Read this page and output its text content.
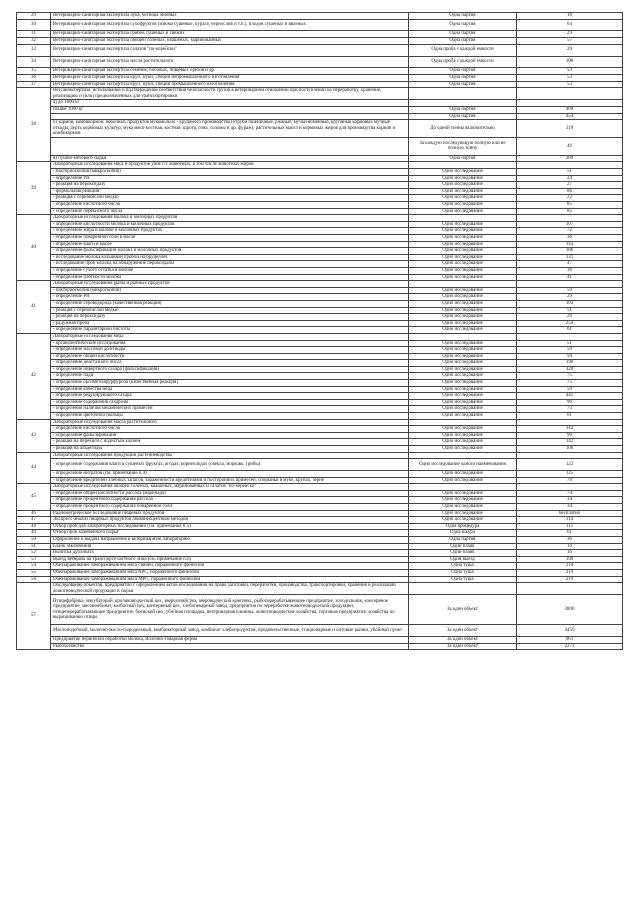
29	Ветеринарно-санитарная экспертиза лука, чеснока зеленых	Одна партия	18
30	Ветеринарно-санитарная экспертиза сухофруктов (изюма сушеные, курага, чернослив и т.п.), плодов сушеных и вяленых	Одна партия	64
31	Ветеринарно-санитарная экспертиза грибов сушеных и свежих	Одна партия	29
32	Ветеринарно-санитарная экспертиза овощей соленых, квашеных, маринованных	Одна партия	57
33	Ветеринарно-санитарная экспертиза салатов "по-корейски"	Одна проба с каждой емкости	20
34	Ветеринарно-санитарная экспертиза масла растительного	Одна проба с каждой емкости	108
35	Ветеринарно-санитарная экспертиза семечек, бобовых, пищевых орехов и др.	Одна партия	53
36	Ветеринарно-санитарная экспертиза круп, муки, специй непромышленного изготовления	Одна партия	53
37	Ветеринарно-санитарная экспертиза круп, муки, специй промышленного изготовления	Одна партия	53
38	Ветсанэкспертиза, истолкование и подтверждение соответствия безопасности грузов в ветеринарном отношении при поступлении на переработку, хранение, реализацию и (или) предназначенных для транспортировки		
	а) до 1000 кг		
	свыше 1000 кг	Одна партия	409
		Одна партия	454
	б) кормов, комбикормов, побочных продуктов мукомольно - крупяного производства (отруби пшеничные, ржаные, мучки ячменные, крупяные кормовые мучные отходы, дерть кормовых культур, мука мясо-костная, костная, шрота, сена, соломы и др. фураж), растительных масел и кормовых жиров для производства кормов и комбикормов	До одной тонны включительно	319
		За каждую последующую полную или не полную тонну	46
	в) пушно-мехового сырья	Одна партия	289
39	Лабораторные исследования мяса и продуктов убоя с/х животных, в том числе животных жиров		
	- бактериоскопия (микроскопия)	Одно исследование	51
	- определение PH	Одно исследование	24
	- реакция на пероксидазу	Одно исследование	27
	- формольная реакция	Одно исследование	86
	- реакция с сернокислой медью	Одно исследование	22
	- определение кислотного числа	Одно исследование	85
	- определение перекисного числа	Одно исследование	85
40	Лабораторные исследования молока и молочных продуктов		
	- определение кислотности молока и молочных продуктов	Одно исследование	107
	- определение жира в молоке и молочных продуктах	Одно исследование	72
	- определение поваренной соли в масле	Одно исследование	36
	- определение влаги в масле	Одно исследование	143
	- определение фальсификации молока и молочных продуктов	Одно исследование	186
	- исследование молока кольцевой пробой на бруцеллез	Одно исследование	131
	- исследование проб молока на обнаружение пероксидазы	Одно исследование	47
	- определение сухого остатка в молоке	Одно исследование	36
	- определение плотности молока	Одно исследование	41
41	Лабораторные исследования рыбы и рыбных продуктов		
	- бактериоскопия (микроскопия)	Одно исследование	59
	- определение PH	Одно исследование	29
	- определение сероводорода (качественная реакция)	Одно исследование	103
	- реакция с сернокислой медью	Одно исследование	51
	- реакция на пероксидазу	Одно исследование	29
	- радужная проба	Одно исследование	254
	- определение паразитарной чистоты	Одно исследование	61
42	Лабораторные исследования меда		
	- органолептические исследования	Одно исследование	51
	- определение массовой доли воды	Одно исследование	59
	- определение общей кислотности	Одно исследование	94
	- определение диастазного числа	Одно исследование	198
	- определение инвертного сахара (фальсификация)	Одно исследование	320
	- определение пади	Одно исследование	75
	- определение оксиметилфурфурола (качественная реакция)	Одно исследование	75
	- определение качества меда	Одно исследование	59
	- определение редуцирующего сахара	Одно исследование	441
	- определение содержания сахарозы	Одно исследование	96
	- определение наличия механических примесей	Одно исследование	73
	- определение цветочной пыльцы	Одно исследование	61
43	Лабораторные исследования масла растительного		
	- определение кислотного числа	Одно исследование	142
	- определение фальсификации	Одно исследование	99
	- реакция на перекиси с йодистым калием	Одно исследование	142
	- реакция на альдегиды	Одно исследование	106
44	Лабораторные исследования продукции растениеводства		
	- определение содержания влаги в сушеных фруктах, ягодах, корнеплодах (свекла, морковь, грибы)	Одно исследование одного наименования	122
	- определение нитратов (см. примечание п.4)	Одно исследование	125
	- определение вредителей хлебных запасов, зараженности вредителями и посторонних примесей, спорыньи в муке, крупах, зерне	Одно исследование	78
45	Лабораторные исследования овощей соленых, квашеных, маринованных и салатов "по-корейски"		
	- определение общей кислотности рассола (маринада)	Одно исследование	74
	- определение процентного содержания рассола	Одно исследование	34
	- определение процентного содержания поваренной соли	Одно исследование	34
46	Радиометрическое исследование пищевых продуктов	Одно исследование	бесплатно
47	Экспресс-анализ пищевых продуктов люминесцентным методом	Одно исследование	114
48	Отбор проб для лабораторных исследований (см. примечание п.5)	Одна процедура	115
49	Отбор проб кожевенного сырья	Одна шкура	61
50	Оформление и выдача направления в ветеринарную лабораторию	Одна партия	36
51	Бланк заключения	Один бланк	16
52	Выписка дубликата	Один бланк	16
53	Выезд ветврача на транспорте частного лица (см. примечание п.6)	Один выезд	198
54	Обеззараживание замораживанием мяса свиней, пораженного финнозом	Одна туша	219
55	Обеззараживание замораживанием мяса КРС, пораженного финнозом	Одна туша	219
56	Обеззараживание замораживанием мяса МРС, пораженного финнозом	Одна туша	219
57	Обследование объектов, предприятий с оформлением актов обследования на право заготовки, переработки, производства, транспортировки, хранения и реализации животноводческой продукции и сырья		
	Птицефабрика, инкубаторий, кролиководческий цех, зверохозяйство, звероводческий комплекс, рыбоперерабатывающее предприятие, холодильник, консервное предприятие, мясокомбинат, колбасный цех, консервный цех, хлебопекарный завод, предприятия по переработке животноводческой продукции, птицеперерабатывающее предприятие, боенский цех, убойная площадка, ветеринарная клиника, животноводческие хозяйства, торговые предприятия, хозяйства по выращиванию птицы	За один объект	3806
	Маслоподобный, молочно-масло-сыродельный, комбинаторный завод, комбинат хлебопродуктов, продовольственные, стационарные и оптовые рынки, убойный пункт	За один объект	4459
	Предприятие первичной обработки молока, молочно-товарная ферма	За один объект	961
	Рыбохозяйство	За один объект	2273
